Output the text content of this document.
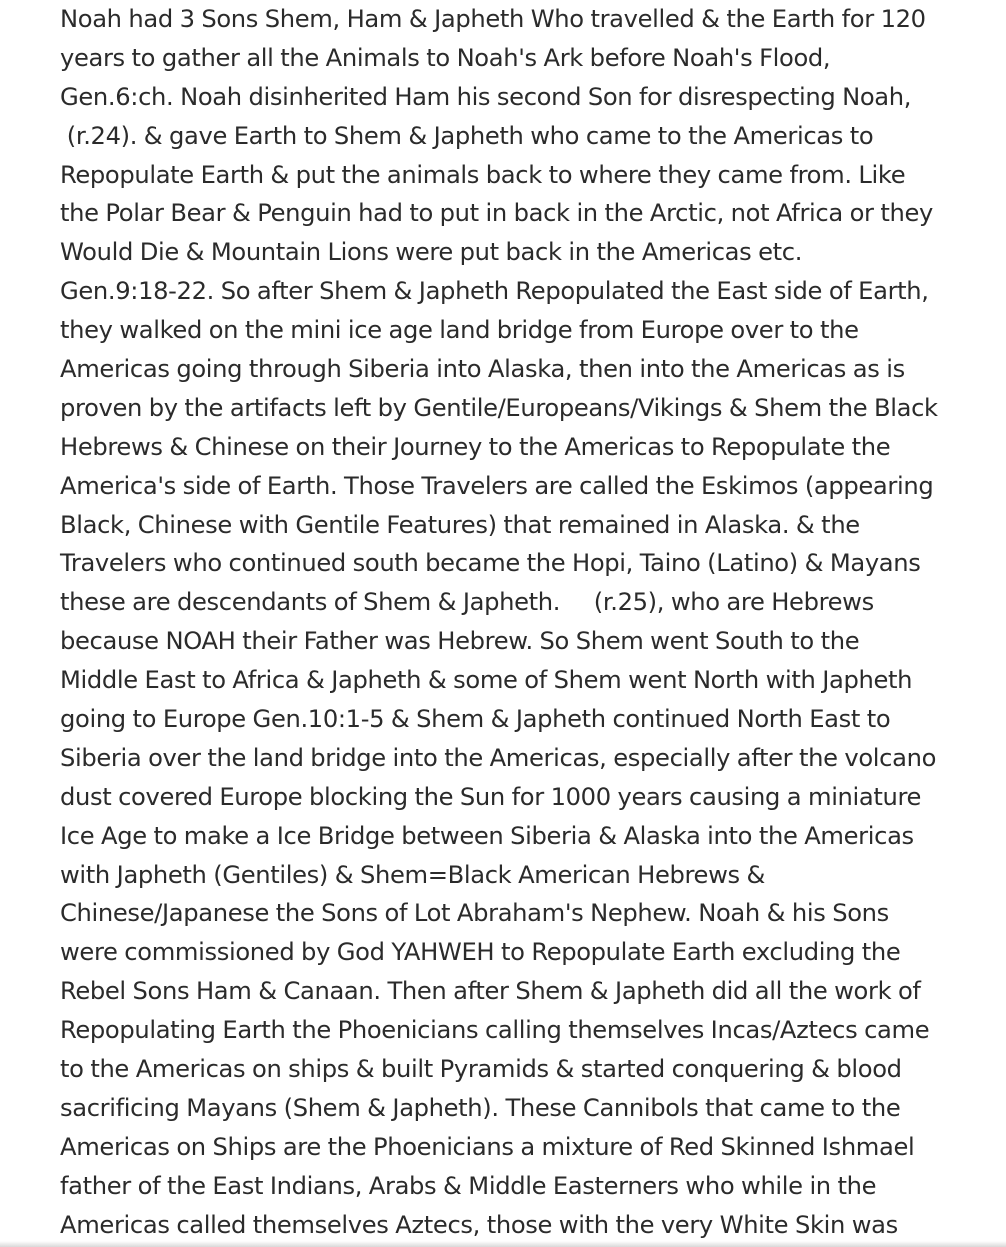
Noah had 3 Sons Shem, Ham & Japheth Who travelled & the Earth for 120
years to gather all the Animals to Noah's Ark before Noah's Flood,
Gen.6:ch. Noah disinherited Ham his second Son for disrespecting Noah,
(r.24). & gave Earth to Shem & Japheth who came to the Americas to
Repopulate Earth & put the animals back to where they came from. Like
the Polar Bear & Penguin had to put in back in the Arctic, not Africa or they
Would Die & Mountain Lions were put back in the Americas etc.
Gen.9:18-22. So after Shem & Japheth Repopulated the East side of Earth,
they walked on the mini ice age land bridge from Europe over to the
Americas going through Siberia into Alaska, then into the Americas as is
proven by the artifacts left by Gentile/Europeans/Vikings & Shem the Black
Hebrews & Chinese on their Journey to the Americas to Repopulate the
America's side of Earth. Those Travelers are called the Eskimos (appearing
Black, Chinese with Gentile Features) that remained in Alaska. & the
Travelers who continued south became the Hopi, Taino (Latino) & Mayans
these are descendants of Shem & Japheth.     (r.25), who are Hebrews
because NOAH their Father was Hebrew. So Shem went South to the
Middle East to Africa & Japheth & some of Shem went North with Japheth
going to Europe Gen.10:1-5 & Shem & Japheth continued North East to
Siberia over the land bridge into the Americas, especially after the volcano
dust covered Europe blocking the Sun for 1000 years causing a miniature
Ice Age to make a Ice Bridge between Siberia & Alaska into the Americas
with Japheth (Gentiles) & Shem=Black American Hebrews &
Chinese/Japanese the Sons of Lot Abraham's Nephew. Noah & his Sons
were commissioned by God YAHWEH to Repopulate Earth excluding the
Rebel Sons Ham & Canaan. Then after Shem & Japheth did all the work of
Repopulating Earth the Phoenicians calling themselves Incas/Aztecs came
to the Americas on ships & built Pyramids & started conquering & blood
sacrificing Mayans (Shem & Japheth). These Cannibols that came to the
Americas on Ships are the Phoenicians a mixture of Red Skinned Ishmael
father of the East Indians, Arabs & Middle Easterners who while in the
Americas called themselves Aztecs, those with the very White Skin was
